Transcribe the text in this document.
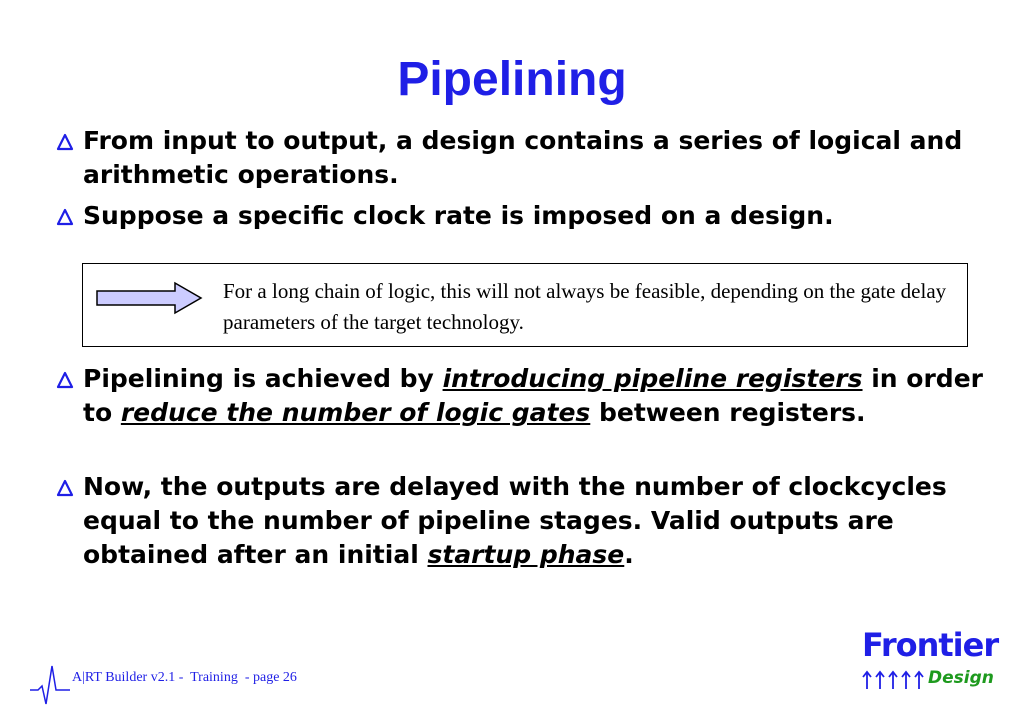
Pipelining
From input to output, a design contains a series of logical and arithmetic operations.
Suppose a specific clock rate is imposed on a design.
For a long chain of logic, this will not always be feasible, depending on the gate delay parameters of the target technology.
Pipelining is achieved by introducing pipeline registers in order to reduce the number of logic gates between registers.
Now, the outputs are delayed with the number of clockcycles equal to the number of pipeline stages. Valid outputs are obtained after an initial startup phase.
A|RT Builder v2.1 -  Training  - page 26
Frontier
Design
